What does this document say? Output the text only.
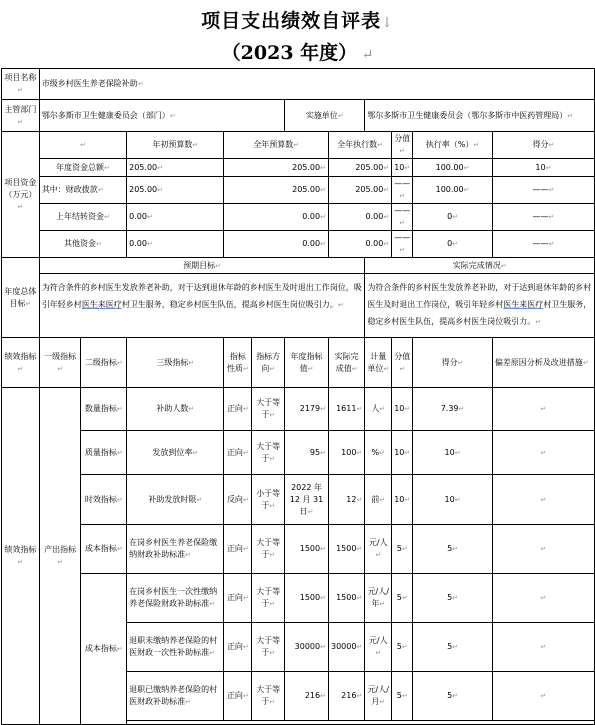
项目支出绩效自评表↓
（2023 年度） ↵
项目名称 ↵	市级乡村医生养老保险补助 ↵
主管部门 ↵	鄂尔多斯市卫生健康委员会（部门） ↵					实施单位 ↵		鄂尔多斯市卫生健康委员会（鄂尔多斯市中医药管理局） ↵
项目资金（万元） ↵	↵		年初预算数 ↵	全年预算数 ↵			全年执行数 ↵		分值 ↵	执行率（%） ↵	得分 ↵
	年度资金总额 ↵		205.00 ↵	205.00 ↵			205.00 ↵		10 ↵	100.00 ↵	10 ↵
	其中：财政拨款 ↵		205.00 ↵	205.00 ↵			205.00 ↵		—— ↵	100.00 ↵	—— ↵
	上年结转资金 ↵		0.00 ↵	0.00 ↵			0.00 ↵		—— ↵	0 ↵	—— ↵
	其他资金 ↵		0.00 ↵	0.00 ↵			0.00 ↵		—— ↵	0 ↵	—— ↵
年度总体目标 ↵	预期目标 ↵							实际完成情况 ↵
	为符合条件的乡村医生发放养老补助，对于达到退休年龄的乡村医生及时退出工作岗位，吸引年轻乡村医生来医疗村卫生服务，稳定乡村医生队伍，提高乡村医生岗位吸引力。 ↵							为符合条件的乡村医生发放养老补助，对于达到退休年龄的乡村医生及时退出工作岗位，吸引年轻乡村医生来医疗村卫生服务，稳定乡村医生队伍，提高乡村医生岗位吸引力。 ↵
绩效指标 ↵	一级指标 ↵	二级指标 ↵	三级指标 ↵	指标性质 ↵	指标方向 ↵	年度指标值 ↵	实际完成值 ↵	计量单位 ↵	分值 ↵	得分 ↵	偏差原因分析及改进措施 ↵
绩效指标 ↵	产出指标 ↵	数量指标 ↵	补助人数 ↵	正向 ↵	大于等于 ↵	2179 ↵	1611 ↵	人 ↵	10 ↵	7.39 ↵	↵
		质量指标 ↵	发放到位率 ↵	正向 ↵	大于等于 ↵	95 ↵	100 ↵	% ↵	10 ↵	10 ↵	↵
		时效指标 ↵	补助发放时限 ↵	反向 ↵	小于等于 ↵	2022 年 12 月 31 日 ↵	12 ↵	前 ↵	10 ↵	10 ↵	↵
		成本指标 ↵	在岗乡村医生养老保险缴纳财政补助标准 ↵	正向 ↵	大于等于 ↵	1500 ↵	1500 ↵	元/人 ↵	5 ↵	5 ↵	↵
		成本指标 ↵	在岗乡村医生一次性缴纳养老保险财政补助标准 ↵	正向 ↵	大于等于 ↵	1500 ↵	1500 ↵	元/人/年 ↵	5 ↵	5 ↵	↵
			退职未缴纳养老保险的村医财政一次性补助标准 ↵	正向 ↵	大于等于 ↵	30000 ↵	30000 ↵	元/人 ↵	5 ↵	5 ↵	↵
			退职已缴纳养老保险的村医财政补助标准 ↵	正向 ↵	大于等于 ↵	216 ↵	216 ↵	元/人/月 ↵	5 ↵	5 ↵	↵
